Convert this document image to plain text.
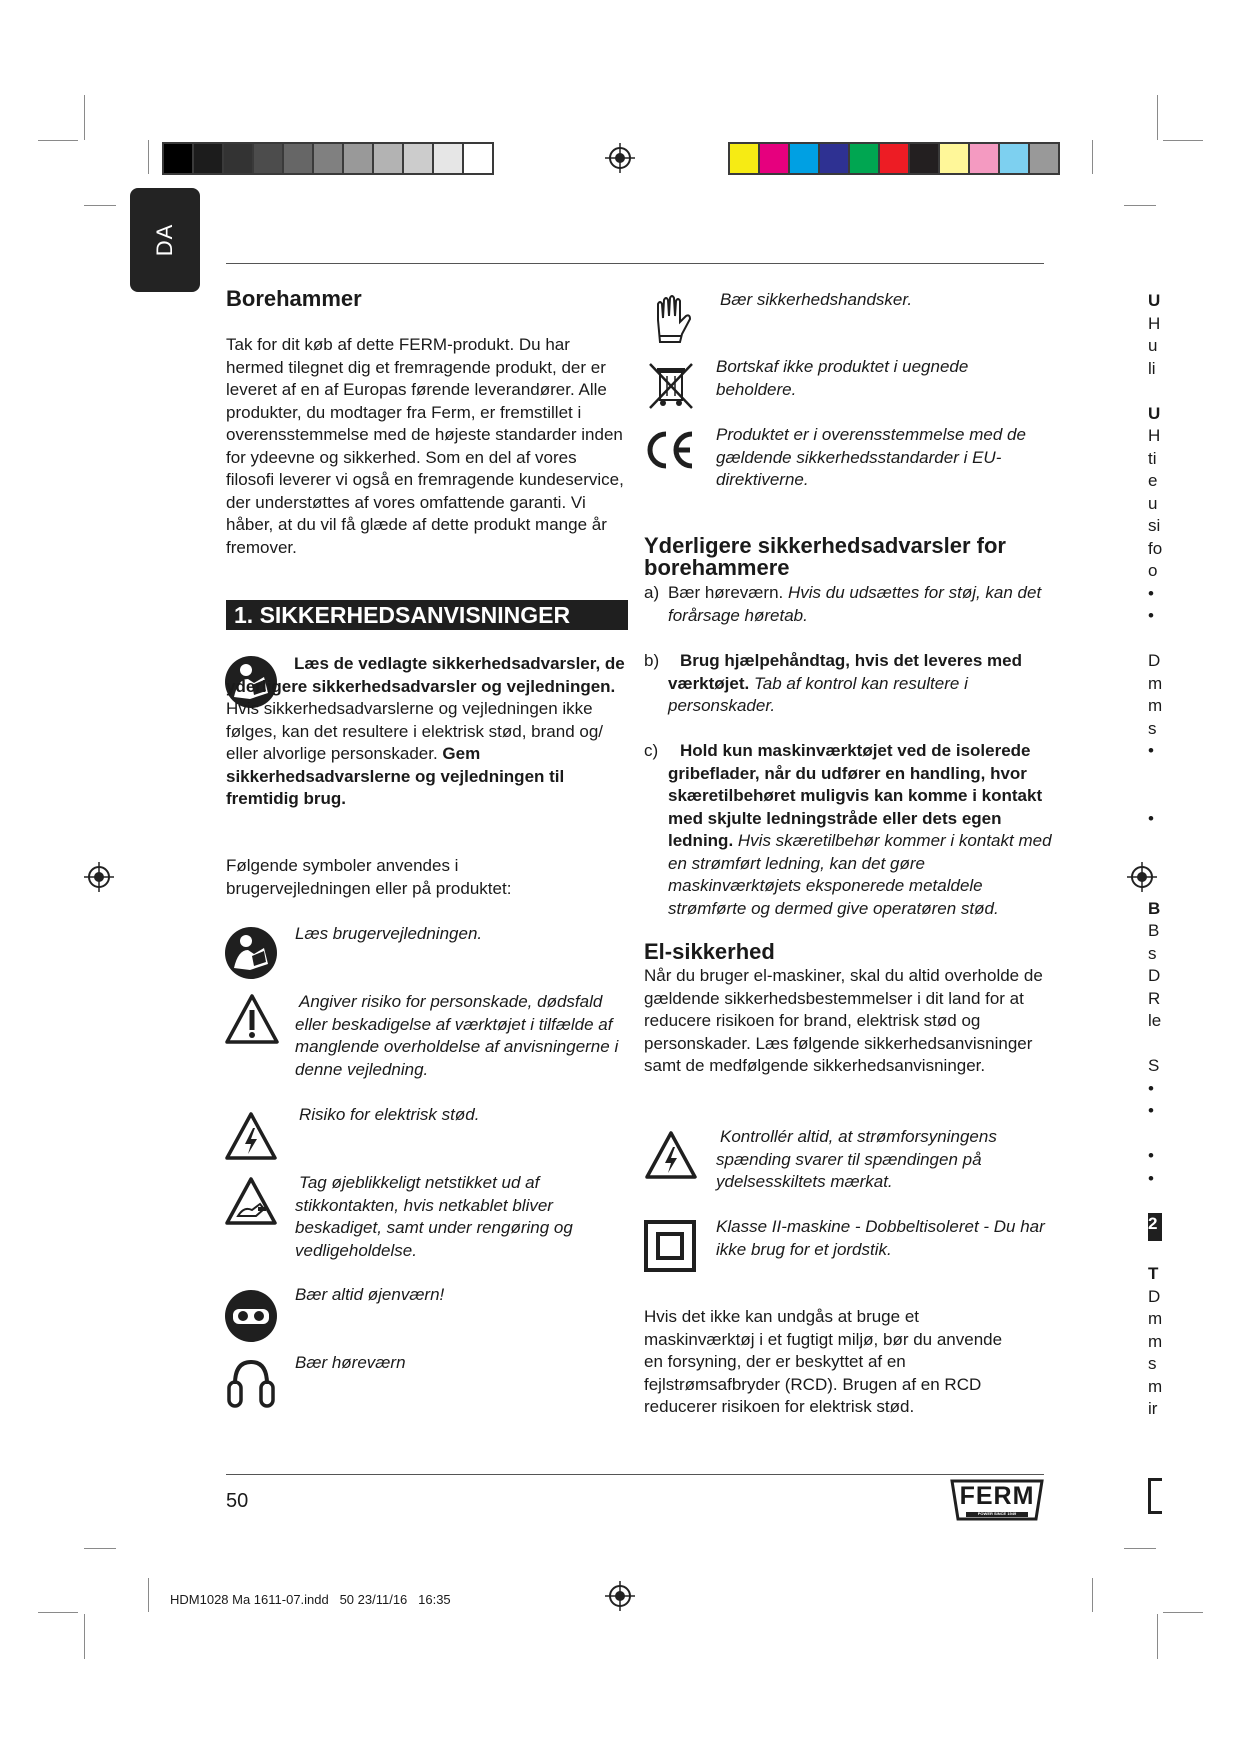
DA
Borehammer
Tak for dit køb af dette FERM-produkt. Du har hermed tilegnet dig et fremragende produkt, der er leveret af en af Europas førende leverandører. Alle produkter, du modtager fra Ferm, er fremstillet i overensstemmelse med de højeste standarder inden for ydeevne og sikkerhed. Som en del af vores filosofi leverer vi også en fremragende kundeservice, der understøttes af vores omfattende garanti. Vi håber, at du vil få glæde af dette produkt mange år fremover.
1. SIKKERHEDSANVISNINGER
Læs de vedlagte sikkerhedsadvarsler, de yderligere sikkerhedsadvarsler og vejledningen. Hvis sikkerhedsadvarslerne og vejledningen ikke følges, kan det resultere i elektrisk stød, brand og/ eller alvorlige personskader. Gem sikkerhedsadvarslerne og vejledningen til fremtidig brug.
Følgende symboler anvendes i brugervejledningen eller på produktet:
Læs brugervejledningen.
Angiver risiko for personskade, dødsfald eller beskadigelse af værktøjet i tilfælde af manglende overholdelse af anvisningerne i denne vejledning.
Risiko for elektrisk stød.
Tag øjeblikkeligt netstikket ud af stikkontakten, hvis netkablet bliver beskadiget, samt under rengøring og vedligeholdelse.
Bær altid øjenværn!
Bær høreværn
Bær sikkerhedshandsker.
Bortskaf ikke produktet i uegnede beholdere.
Produktet er i overensstemmelse med de gældende sikkerhedsstandarder i EU-direktiverne.
Yderligere sikkerhedsadvarsler for borehammere
a) Bær høreværn. Hvis du udsættes for støj, kan det forårsage høretab.
b)	Brug hjælpehåndtag, hvis det leveres med værktøjet. Tab af kontrol kan resultere i personskader.
c)	Hold kun maskinværktøjet ved de isolerede gribeflader, når du udfører en handling, hvor skæretilbehøret muligvis kan komme i kontakt med skjulte ledningstråde eller dets egen ledning. Hvis skæretilbehør kommer i kontakt med en strømført ledning, kan det gøre maskinværktøjets eksponerede metaldele strømførte og dermed give operatøren stød.
El-sikkerhed
Når du bruger el-maskiner, skal du altid overholde de gældende sikkerhedsbestemmelser i dit land for at reducere risikoen for brand, elektrisk stød og personskader. Læs følgende sikkerhedsanvisninger samt de medfølgende sikkerhedsanvisninger.
Kontrollér altid, at strømforsyningens spænding svarer til spændingen på ydelsesskiltets mærkat.
Klasse II-maskine - Dobbeltisoleret - Du har ikke brug for et jordstik.
Hvis det ikke kan undgås at bruge et maskinværktøj i et fugtigt miljø, bør du anvende en forsyning, der er beskyttet af en fejlstrømsafbryder (RCD). Brugen af en RCD reducerer risikoen for elektrisk stød.
U
H
u
li
U
H
ti
e
u
si
fo
o
•
•
D
m
m
s
•
•
B
B
s
D
R
le
S
•
•
•
•
2
T
D
m
m
s
m
ir
50	FERM
POWER SINCE 1949
HDM1028 Ma 1611-07.indd   50 23/11/16   16:35
